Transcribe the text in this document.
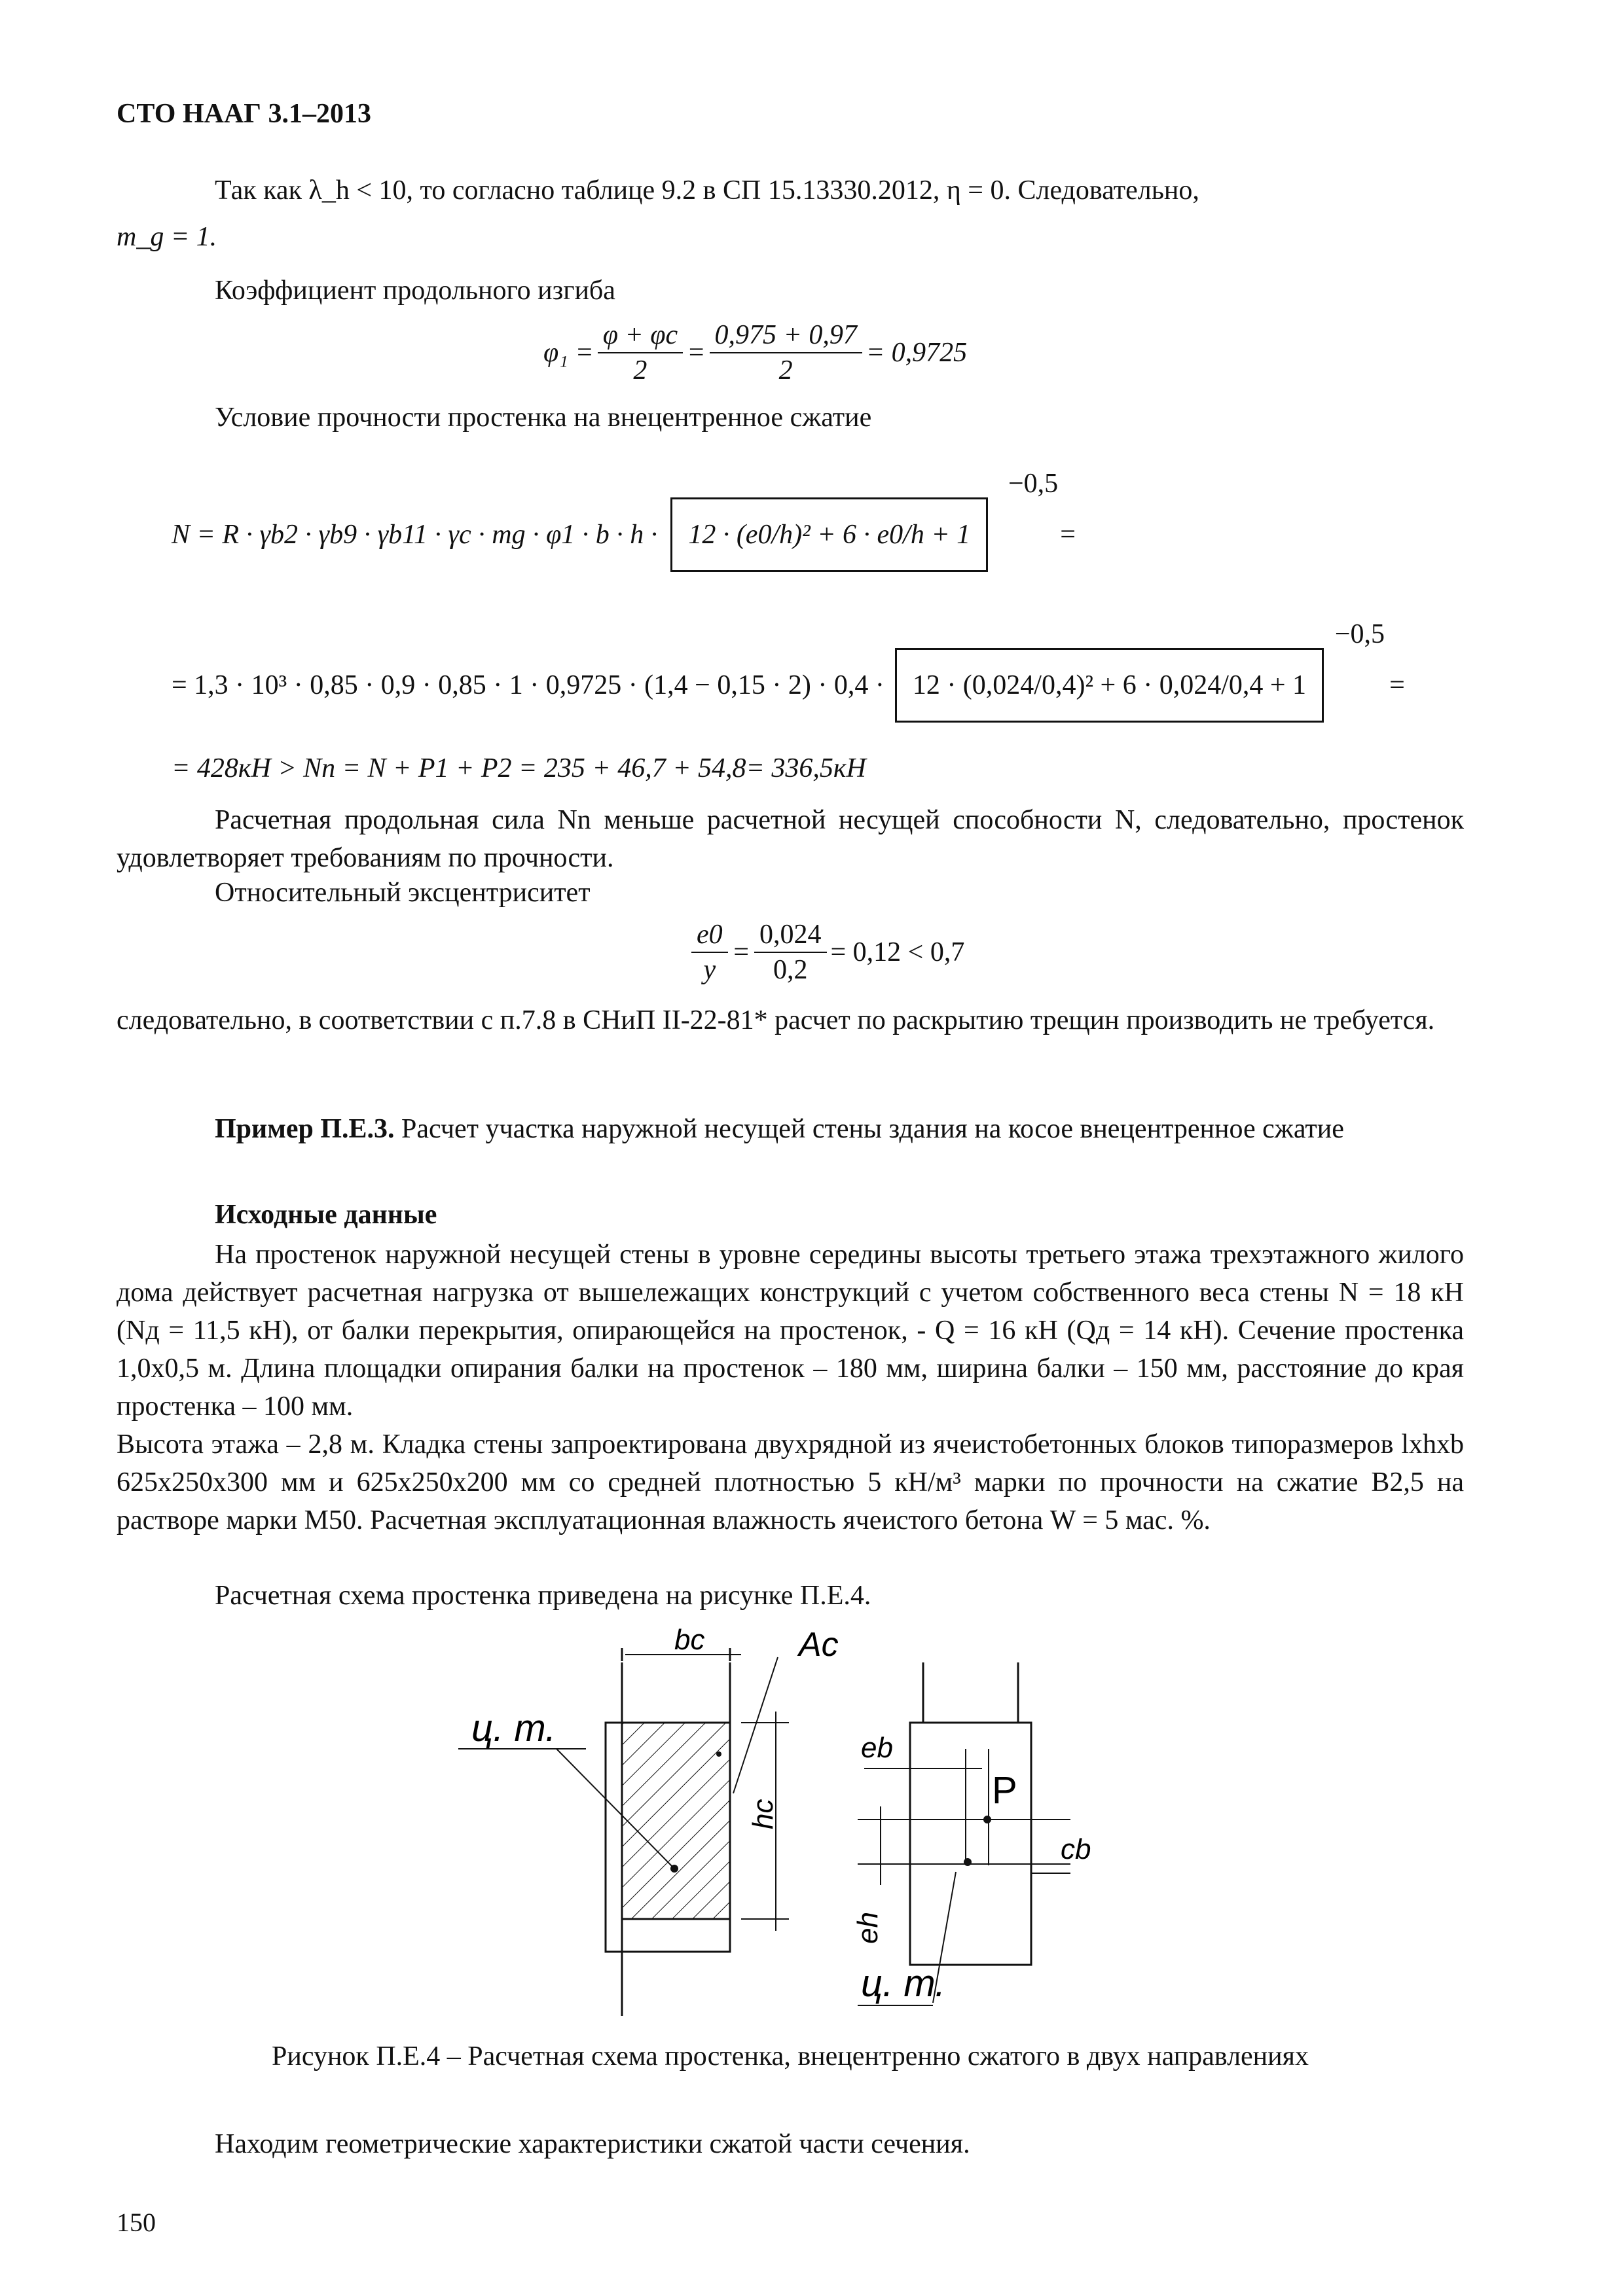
СТО НААГ 3.1–2013
Так как λ_h < 10, то согласно таблице 9.2 в СП 15.13330.2012, η = 0. Следовательно,
m_g = 1.
Коэффициент продольного изгиба
$\varphi_1 = \frac{\varphi + \varphi c}{2} = \frac{0,975 + 0,97}{2} = 0,9725$
Условие прочности простенка на внецентренное сжатие
N = R · γb2 · γb9 · γb11 · γc · mg · φ1 · b · h ·	12 · (e0/h)² + 6 · e0/h + 1
−0,5
=
= 1,3 · 10³ · 0,85 · 0,9 · 0,85 · 1 · 0,9725 · (1,4 − 0,15 · 2) · 0,4 ·	12 · (0,024/0,4)² + 6 · 0,024/0,4 + 1
−0,5
=
= 428кН > Nn = N + P1 + P2 = 235 + 46,7 + 54,8= 336,5кН
Расчетная продольная сила Nn меньше расчетной несущей способности N, следовательно, простенок удовлетворяет требованиям по прочности.
Относительный эксцентриситет
$\frac{e0}{y} = \frac{0,024}{0,2} = 0,12 < 0,7$
следовательно, в соответствии с п.7.8 в СНиП II-22-81* расчет по раскрытию трещин производить не требуется.
Пример П.Е.3. Расчет участка наружной несущей стены здания на косое внецентренное сжатие
Исходные данные
На простенок наружной несущей стены в уровне середины высоты третьего этажа трехэтажного жилого дома действует расчетная нагрузка от вышележащих конструкций с учетом собственного веса стены N = 18 кН (Nд = 11,5 кН), от балки перекрытия, опирающейся на простенок, - Q = 16 кН (Qд = 14 кН). Сечение простенка 1,0х0,5 м. Длина площадки опирания балки на простенок – 180 мм, ширина балки – 150 мм, расстояние до края простенка – 100 мм.
Высота этажа – 2,8 м. Кладка стены запроектирована двухрядной из ячеистобетонных блоков типоразмеров lxhxb 625х250х300 мм и 625х250х200 мм со средней плотностью 5 кН/м³ марки по прочности на сжатие В2,5 на растворе марки М50. Расчетная эксплуатационная влажность ячеистого бетона W = 5 мас. %.
Расчетная схема простенка приведена на рисунке П.Е.4.
bc	Ac
hc
ц. т.	eb
P
eh
cb
ц. т.
Рисунок П.Е.4 – Расчетная схема простенка, внецентренно сжатого в двух направлениях
Находим геометрические характеристики сжатой части сечения.
150
